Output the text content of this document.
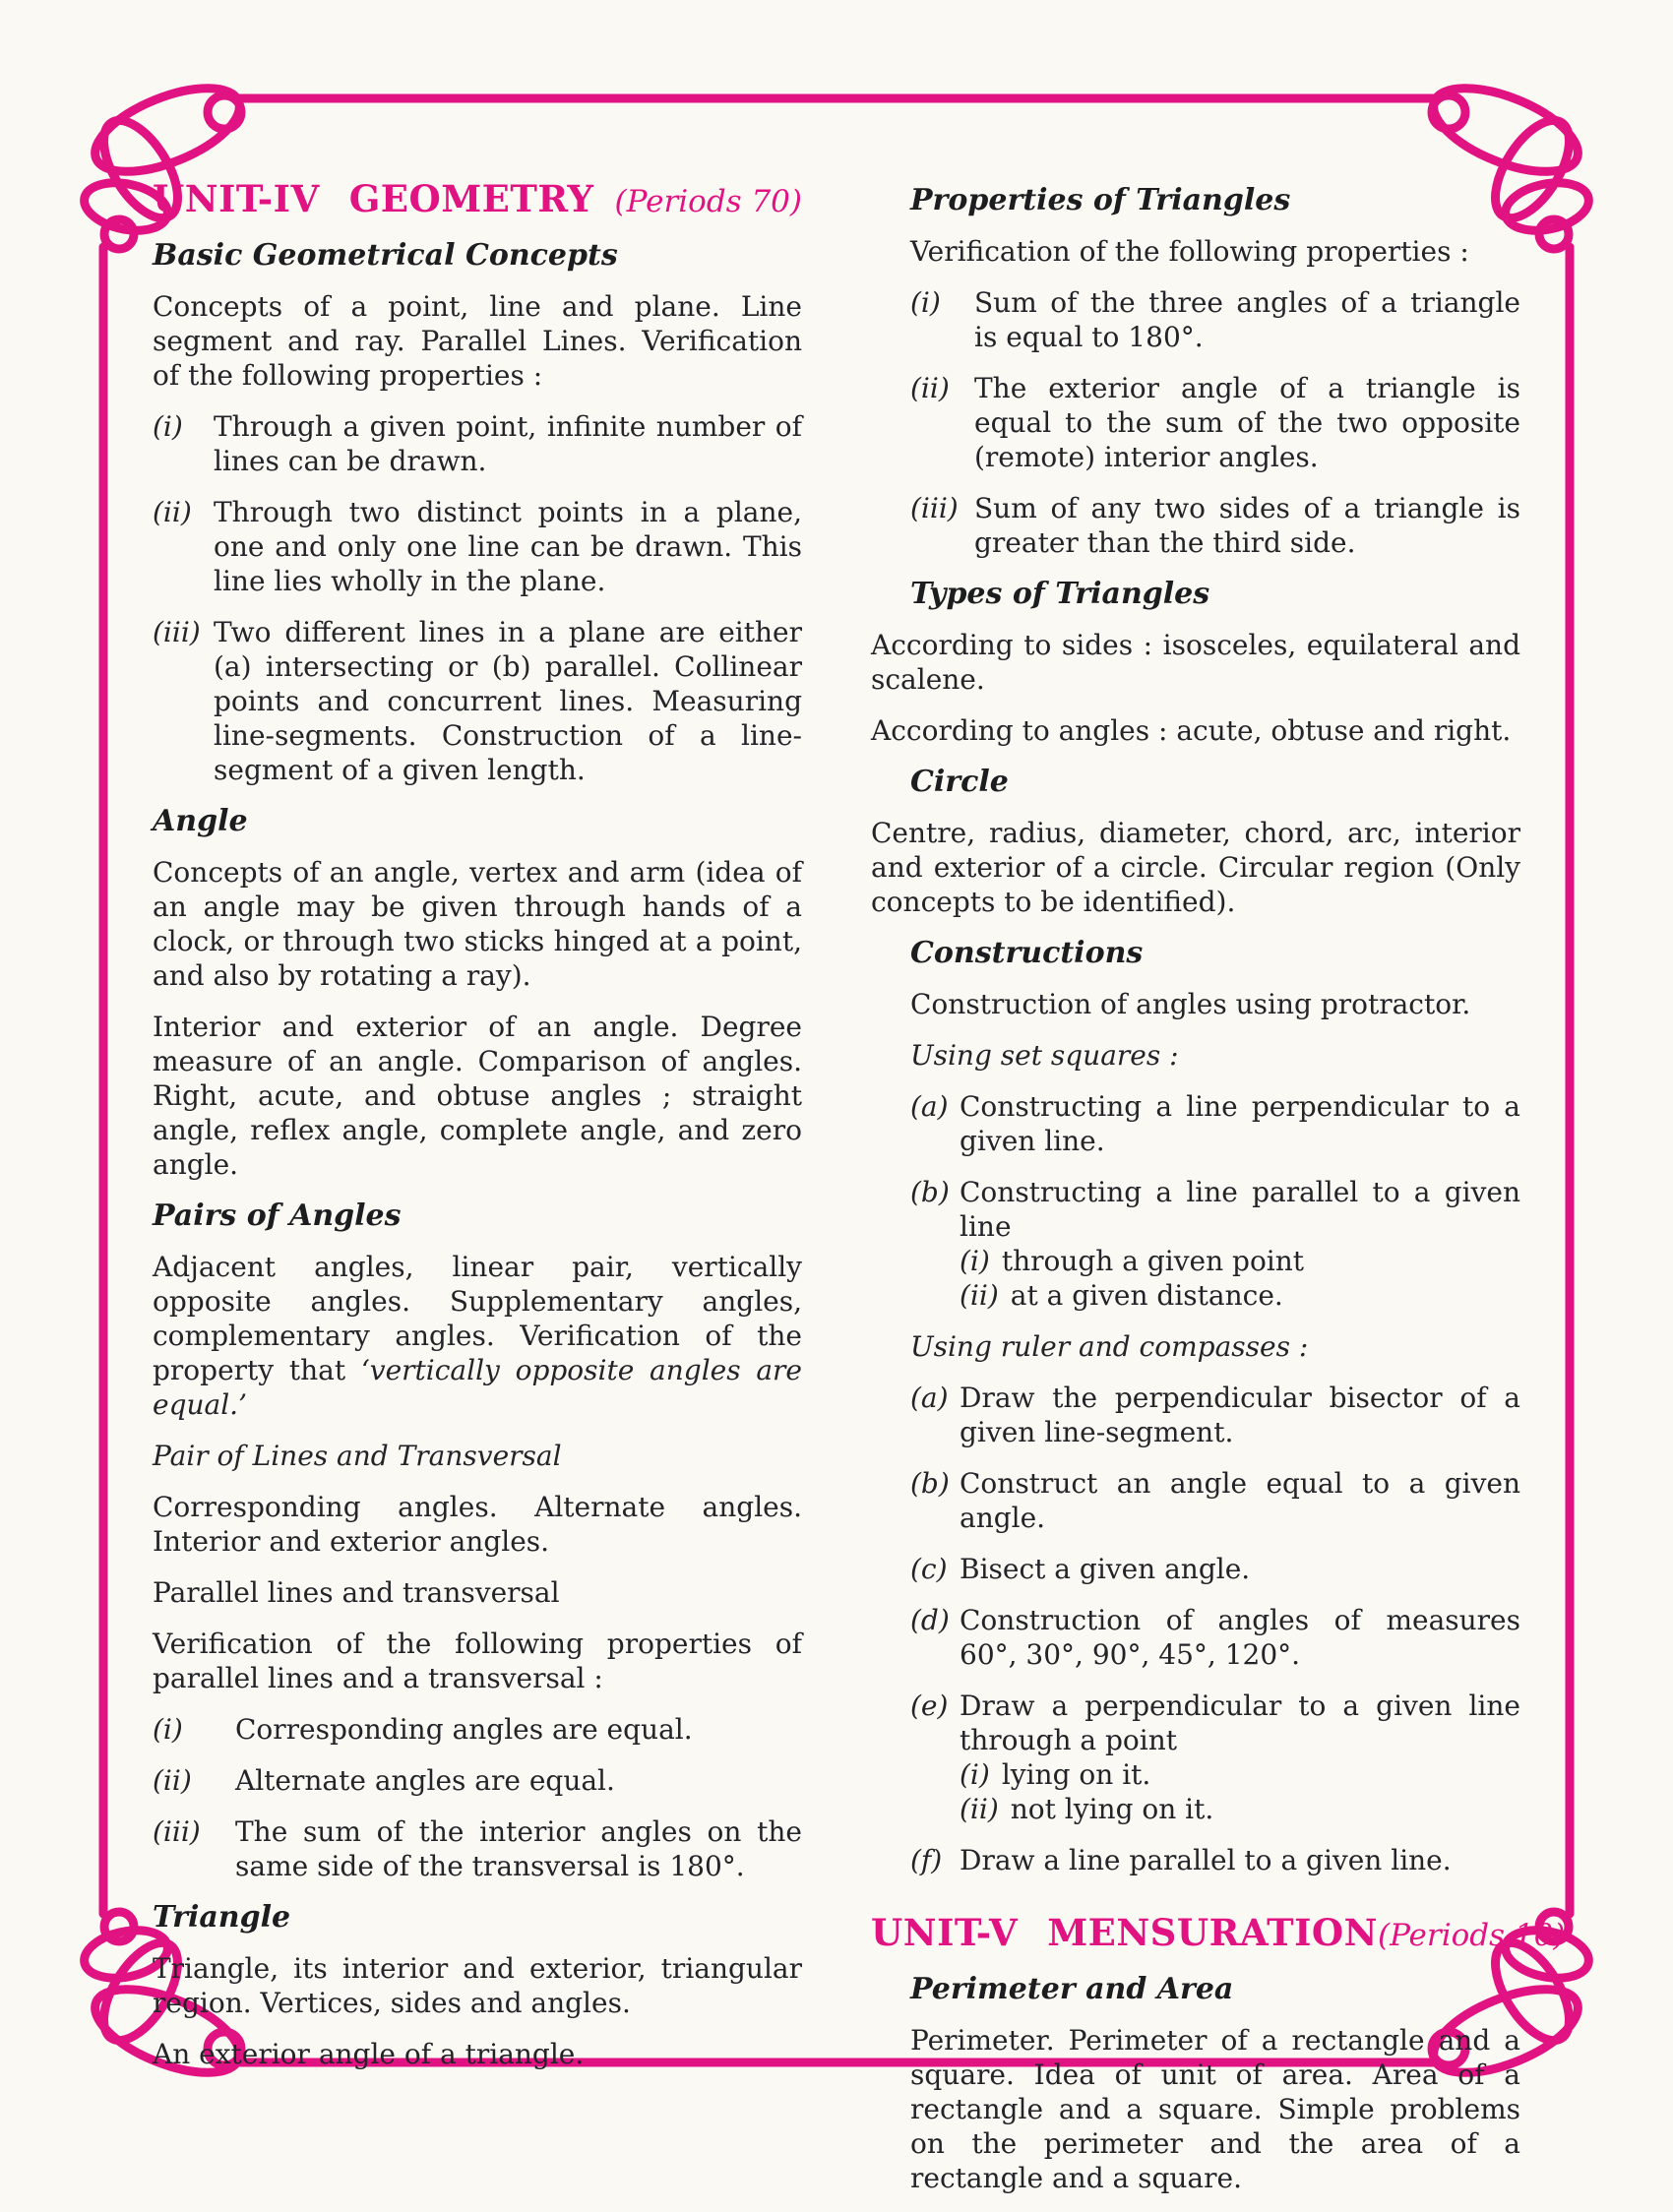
UNIT-IV GEOMETRY (Periods 70)
Basic Geometrical Concepts

Concepts of a point, line and plane. Line segment and ray. Parallel Lines. Verification of the following properties :

(i)	Through a given point, infinite number of lines can be drawn.
(ii) Through two distinct points in a plane, one and only one line can be drawn. This line lies wholly in the plane.
(iii) Two different lines in a plane are either (a) intersecting or (b) parallel. Collinear points and concurrent lines. Measuring line-segments. Construction of a line-segment of a given length.
Angle

Concepts of an angle, vertex and arm (idea of an angle may be given through hands of a clock, or through two sticks hinged at a point, and also by rotating a ray).

Interior and exterior of an angle. Degree measure of an angle. Comparison of angles. Right, acute, and obtuse angles ; straight angle, reflex angle, complete angle, and zero angle.

Pairs of Angles

Adjacent angles, linear pair, vertically opposite angles. Supplementary angles, complementary angles. Verification of the property that ‘vertically opposite angles are equal.’

Pair of Lines and Transversal

Corresponding angles. Alternate angles. Interior and exterior angles.

Parallel lines and transversal

Verification of the following properties of parallel lines and a transversal :

(i)	Corresponding angles are equal.
(ii)	Alternate angles are equal.
(iii)	The sum of the interior angles on the same side of the transversal is 180°.
Triangle

Triangle, its interior and exterior, triangular region. Vertices, sides and angles.

An exterior angle of a triangle.

Properties of Triangles

Verification of the following properties :

(i)	Sum of the three angles of a triangle is equal to 180°.
(ii) The exterior angle of a triangle is equal to the sum of the two opposite (remote) interior angles.
(iii) Sum of any two sides of a triangle is greater than the third side.
Types of Triangles

According to sides : isosceles, equilateral and scalene.

According to angles : acute, obtuse and right.

Circle

Centre, radius, diameter, chord, arc, interior and exterior of a circle. Circular region (Only concepts to be identified).

Constructions

Construction of angles using protractor.

Using set squares :

(a) Constructing a line perpendicular to a given line.
(b) Constructing a line parallel to a given line
(i) through a given point
(ii) at a given distance.

Using ruler and compasses :

(a) Draw the perpendicular bisector of a given line-segment.
(b) Construct an angle equal to a given angle.
(c) Bisect a given angle.
(d) Construction of angles of measures 60°, 30°, 90°, 45°, 120°.
(e) Draw a perpendicular to a given line through a point
(i) lying on it.
(ii) not lying on it.
(f) Draw a line parallel to a given line.
UNIT-V MENSURATION (Periods 10)
Perimeter and Area

Perimeter. Perimeter of a rectangle and a square. Idea of unit of area. Area of a rectangle and a square. Simple problems on the perimeter and the area of a rectangle and a square.
